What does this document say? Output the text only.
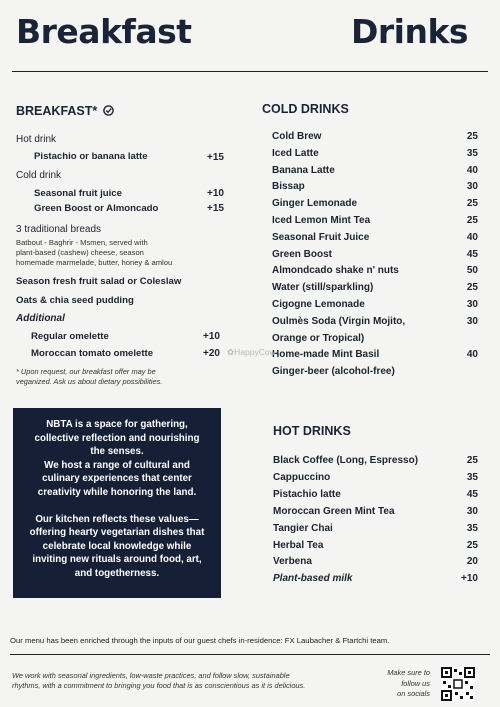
Breakfast	Drinks
BREAKFAST*
Hot drink
Pistachio or banana latte	+15
Cold drink
Seasonal fruit juice	+10
Green Boost or Almoncado	+15
3 traditional breads
Batbout - Baghrir - Msmen, served with
plant-based (cashew) cheese, season
homemade marmelade, butter, honey & amlou
Season fresh fruit salad or Coleslaw
Oats & chia seed pudding
Additional
Regular omelette	+10
Moroccan tomato omelette	+20
* Upon request, our breakfast offer may be
veganized. Ask us about dietary possibilities.

NBTA is a space for gathering,

collective reflection and nourishing

the senses.

We host a range of cultural and

culinary experiences that center

creativity while honoring the land.

Our kitchen reflects these values—

offering hearty vegetarian dishes that

celebrate local knowledge while

inviting new rituals around food, art,

and togetherness.

COLD DRINKS
Cold Brew	25
Iced Latte	35
Banana Latte	40
Bissap	30
Ginger Lemonade	25
Iced Lemon Mint Tea	25
Seasonal Fruit Juice	40
Green Boost	45
Almondcado shake n' nuts	50
Water (still/sparkling)	25
Cigogne Lemonade	30
Oulmès Soda (Virgin Mojito,	30
Orange or Tropical)
Home-made Mint Basil	40
Ginger-beer (alcohol-free)
HOT DRINKS
Black Coffee (Long, Espresso)	25
Cappuccino	35
Pistachio latte	45
Moroccan Green Mint Tea	30
Tangier Chai	35
Herbal Tea	25
Verbena	20
Plant-based milk	+10
✿HappyCow
Our menu has been enriched through the inputs of our guest chefs in-residence: FX Laubacher & Ftartchi team.
We work with seasonal ingredients, low-waste practices, and follow slow, sustainable
rhythms, with a commitment to bringing you food that is as conscientious as it is delicious.
Make sure to
follow us
on socials
